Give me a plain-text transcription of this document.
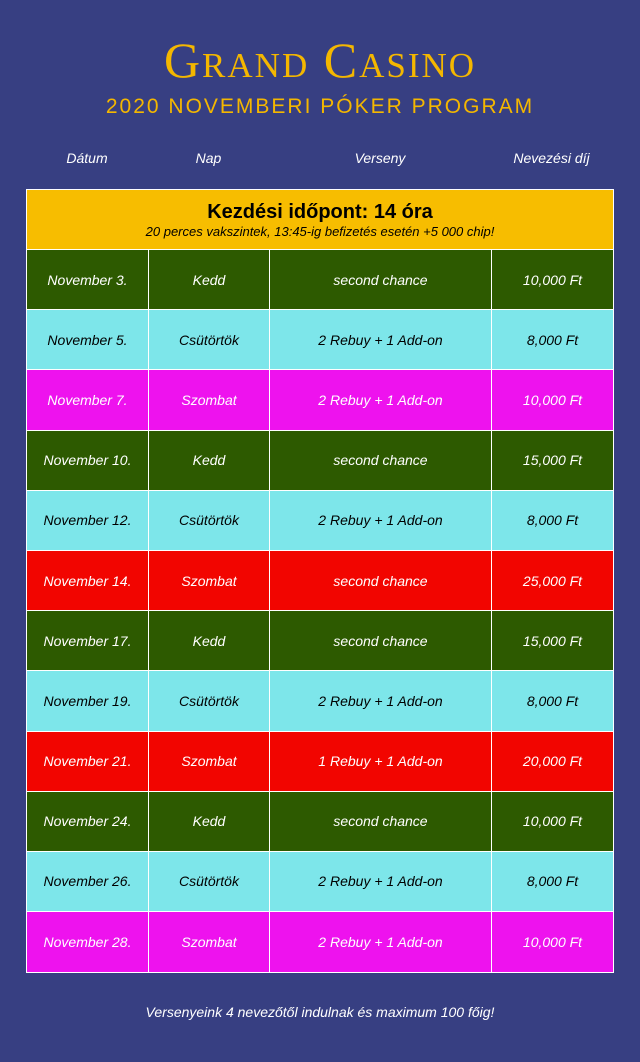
Grand Casino
2020 NOVEMBERI PÓKER PROGRAM
Dátum	Nap	Verseny	Nevezési díj
Kezdési időpont: 14 óra
20 perces vakszintek, 13:45-ig befizetés esetén +5 000 chip!
November 3.	Kedd	second chance	10,000 Ft
November 5.	Csütörtök	2 Rebuy + 1 Add-on	8,000 Ft
November 7.	Szombat	2 Rebuy + 1 Add-on	10,000 Ft
November 10.	Kedd	second chance	15,000 Ft
November 12.	Csütörtök	2 Rebuy + 1 Add-on	8,000 Ft
November 14.	Szombat	second chance	25,000 Ft
November 17.	Kedd	second chance	15,000 Ft
November 19.	Csütörtök	2 Rebuy + 1 Add-on	8,000 Ft
November 21.	Szombat	1 Rebuy + 1 Add-on	20,000 Ft
November 24.	Kedd	second chance	10,000 Ft
November 26.	Csütörtök	2 Rebuy + 1 Add-on	8,000 Ft
November 28.	Szombat	2 Rebuy + 1 Add-on	10,000 Ft
Versenyeink 4 nevezőtől indulnak és maximum 100 főig!
